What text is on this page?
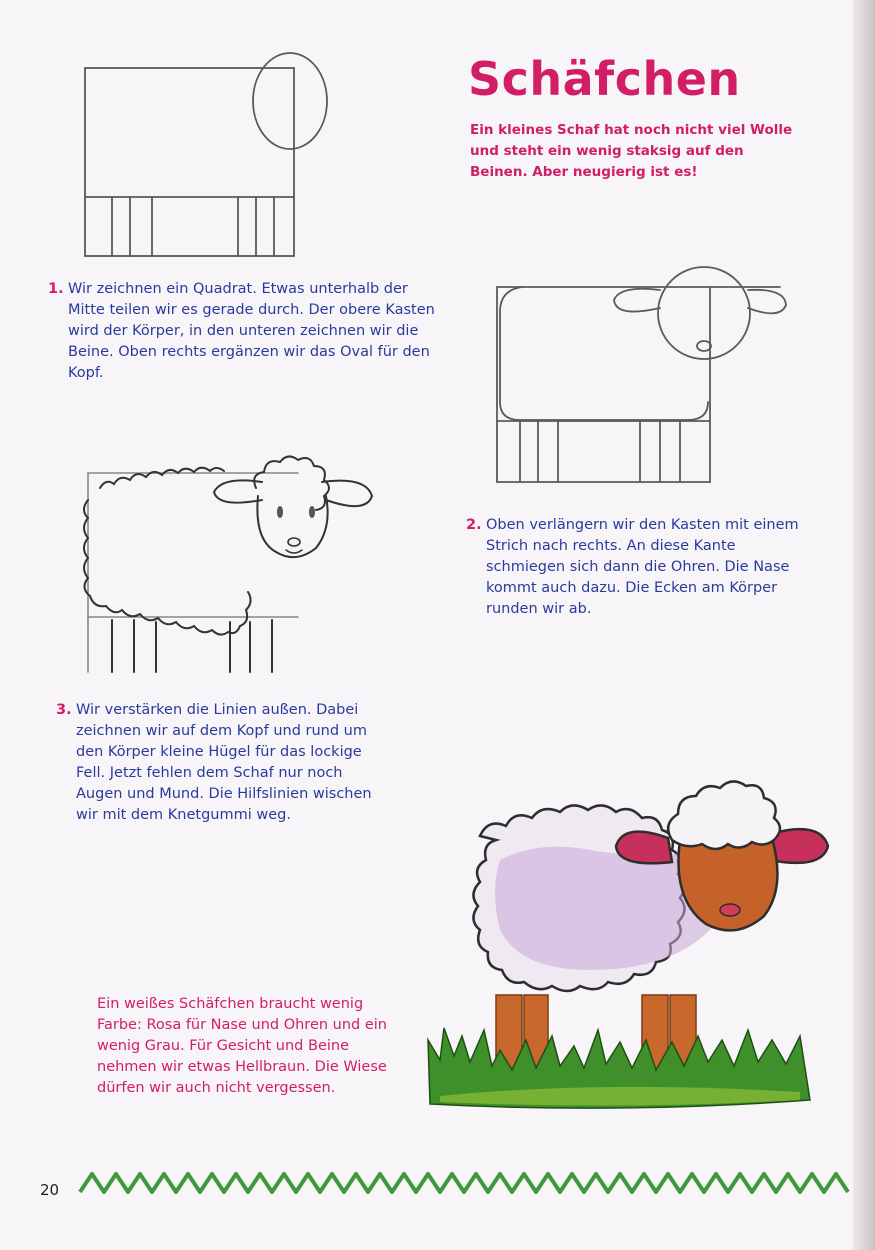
Schäfchen
Ein kleines Schaf hat noch nicht viel Wolle und steht ein wenig staksig auf den Beinen. Aber neugierig ist es!
1. Wir zeichnen ein Quadrat. Etwas unterhalb der Mitte teilen wir es gerade durch. Der obere Kasten wird der Körper, in den unteren zeichnen wir die Beine. Oben rechts ergänzen wir das Oval für den Kopf.
2. Oben verlängern wir den Kasten mit einem Strich nach rechts. An diese Kante schmiegen sich dann die Ohren. Die Nase kommt auch dazu. Die Ecken am Körper runden wir ab.
3. Wir verstärken die Linien außen. Dabei zeichnen wir auf dem Kopf und rund um den Körper kleine Hügel für das lockige Fell. Jetzt fehlen dem Schaf nur noch Augen und Mund. Die Hilfslinien wischen wir mit dem Knetgummi weg.
Ein weißes Schäfchen braucht wenig Farbe: Rosa für Nase und Ohren und ein wenig Grau. Für Gesicht und Beine nehmen wir etwas Hellbraun. Die Wiese dürfen wir auch nicht vergessen.
20
